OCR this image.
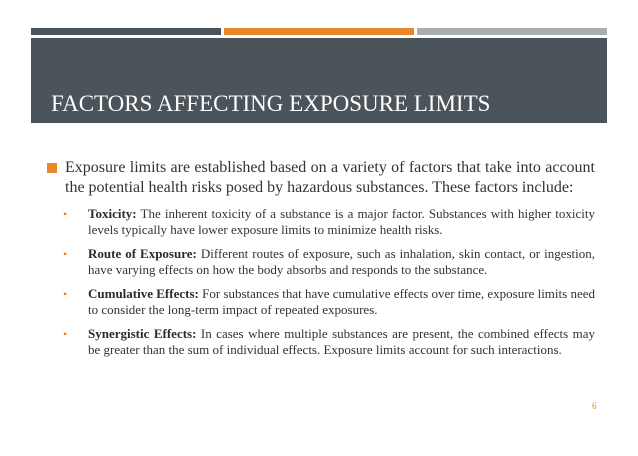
FACTORS AFFECTING EXPOSURE LIMITS

Exposure limits are established based on a variety of factors that take into account the potential health risks posed by hazardous substances. These factors include:

• Toxicity: The inherent toxicity of a substance is a major factor. Substances with higher toxicity levels typically have lower exposure limits to minimize health risks.
• Route of Exposure: Different routes of exposure, such as inhalation, skin contact, or ingestion, have varying effects on how the body absorbs and responds to the substance.
• Cumulative Effects: For substances that have cumulative effects over time, exposure limits need to consider the long-term impact of repeated exposures.
• Synergistic Effects: In cases where multiple substances are present, the combined effects may be greater than the sum of individual effects. Exposure limits account for such interactions.
6
